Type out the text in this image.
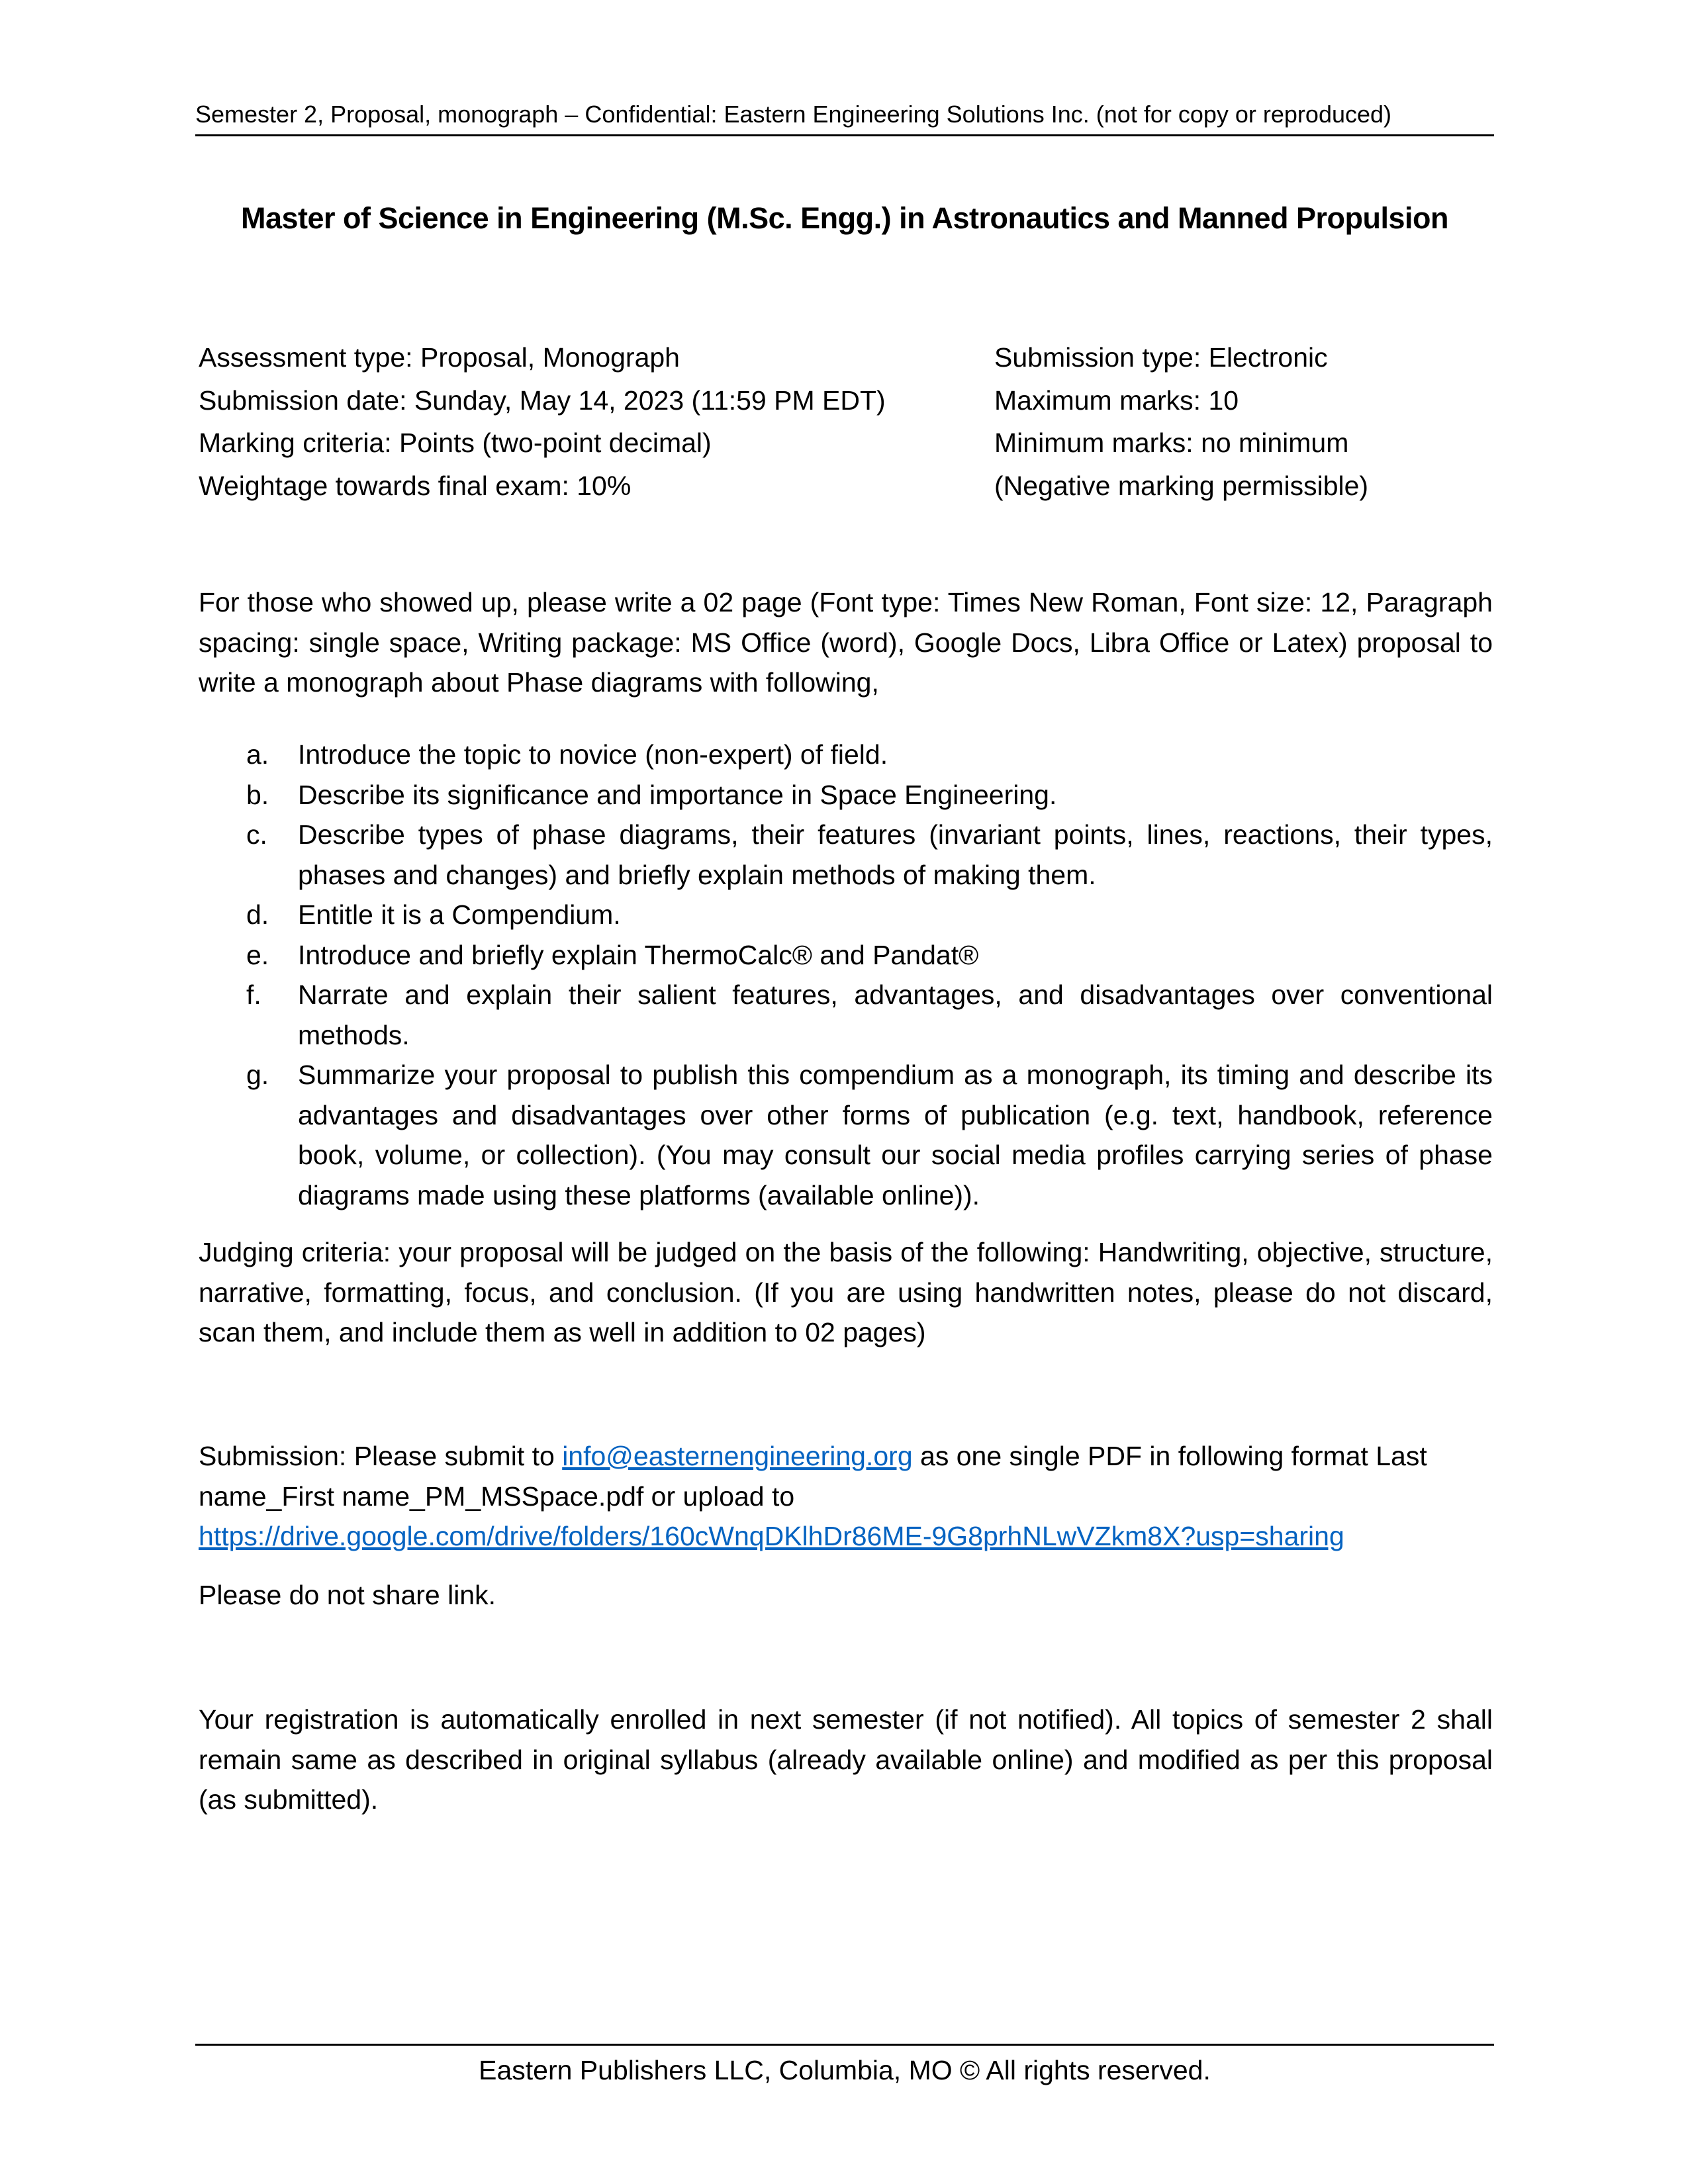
Semester 2, Proposal, monograph – Confidential: Eastern Engineering Solutions Inc. (not for copy or reproduced)
Master of Science in Engineering (M.Sc. Engg.) in Astronautics and Manned Propulsion
Assessment type: Proposal, Monograph
Submission date: Sunday, May 14, 2023 (11:59 PM EDT)
Marking criteria: Points (two-point decimal)
Weightage towards final exam: 10%
Submission type: Electronic
Maximum marks: 10
Minimum marks: no minimum
(Negative marking permissible)

For those who showed up, please write a 02 page (Font type: Times New Roman, Font size: 12, Paragraph spacing: single space, Writing package: MS Office (word), Google Docs, Libra Office or Latex) proposal to write a monograph about Phase diagrams with following,

a. Introduce the topic to novice (non-expert) of field.
b. Describe its significance and importance in Space Engineering.
c. Describe types of phase diagrams, their features (invariant points, lines, reactions, their types, phases and changes) and briefly explain methods of making them.
d. Entitle it is a Compendium.
e. Introduce and briefly explain ThermoCalc® and Pandat®
f. Narrate and explain their salient features, advantages, and disadvantages over conventional methods.
g. Summarize your proposal to publish this compendium as a monograph, its timing and describe its advantages and disadvantages over other forms of publication (e.g. text, handbook, reference book, volume, or collection). (You may consult our social media profiles carrying series of phase diagrams made using these platforms (available online)).

Judging criteria: your proposal will be judged on the basis of the following: Handwriting, objective, structure, narrative, formatting, focus, and conclusion. (If you are using handwritten notes, please do not discard, scan them, and include them as well in addition to 02 pages)

Submission: Please submit to info@easternengineering.org as one single PDF in following format Last name_First name_PM_MSSpace.pdf or upload to https://drive.google.com/drive/folders/160cWnqDKlhDr86ME-9G8prhNLwVZkm8X?usp=sharing

Please do not share link.

Your registration is automatically enrolled in next semester (if not notified). All topics of semester 2 shall remain same as described in original syllabus (already available online) and modified as per this proposal (as submitted).

Eastern Publishers LLC, Columbia, MO © All rights reserved.
